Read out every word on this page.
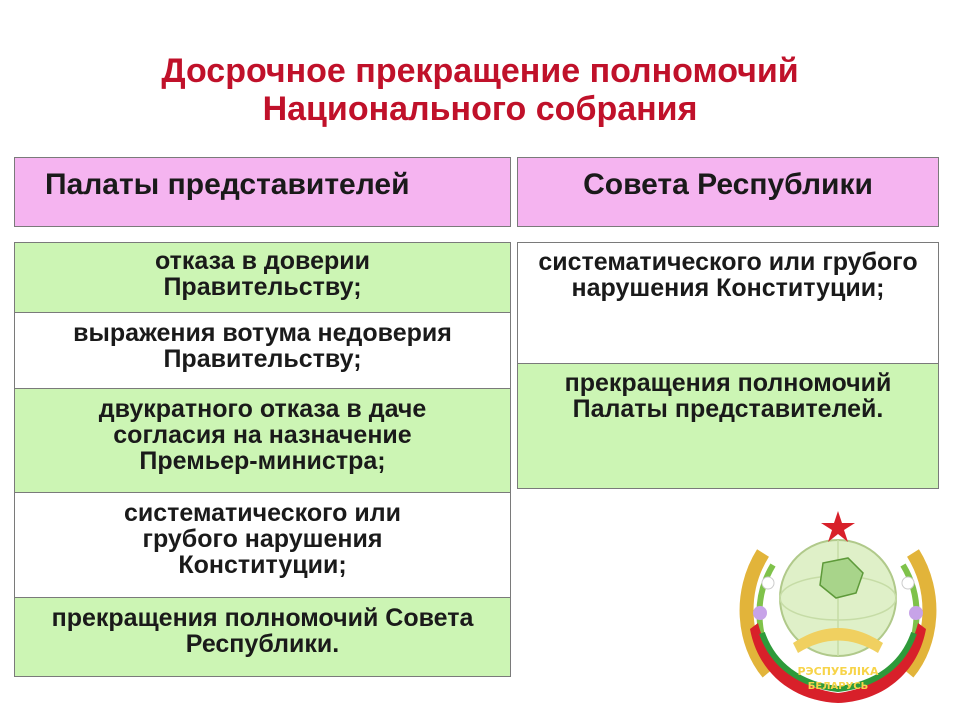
Досрочное прекращение полномочий
Национального собрания
Палаты представителей	Совета Республики
отказа в доверии Правительству;
выражения вотума недоверия Правительству;
двукратного отказа в даче согласия на назначение Премьер-министра;
систематического или грубого нарушения Конституции;
прекращения полномочий Совета Республики.
систематического или грубого нарушения Конституции;
прекращения полномочий Палаты представителей.
РЭСПУБЛІКА
БЕЛАРУСЬ
